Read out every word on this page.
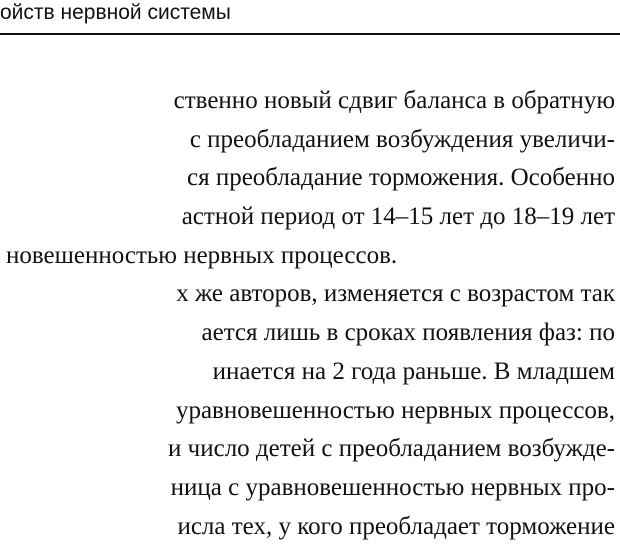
ойств нервной системы
ственно новый сдвиг баланса в обратную
с преобладанием возбуждения увеличи-
ся преобладание торможения. Особенно
астной период от 14–15 лет до 18–19 лет
новешенностью нервных процессов.
х же авторов, изменяется с возрастом так
ается лишь в сроках появления фаз: по
инается на 2 года раньше. В младшем
уравновешенностью нервных процессов,
и число детей с преобладанием возбужде-
ница с уравновешенностью нервных про-
исла тех, у кого преобладает торможение
